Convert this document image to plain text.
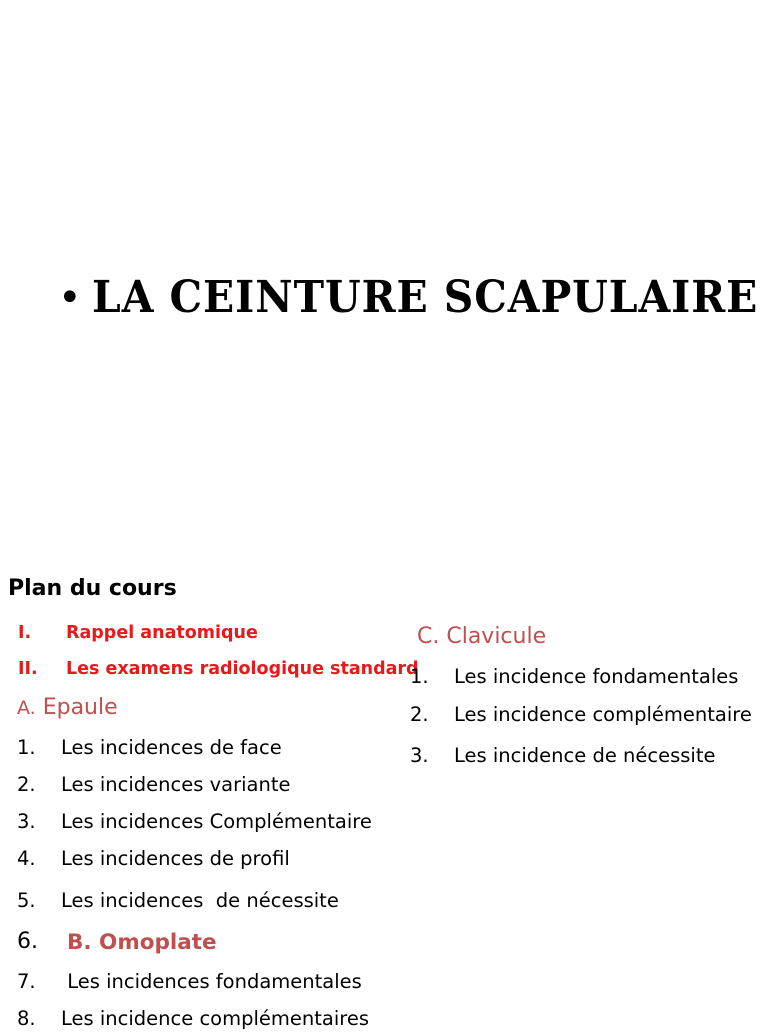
• LA CEINTURE SCAPULAIRE
Plan du cours
I. Rappel anatomique
II. Les examens radiologique standard
A. Epaule
1. Les incidences de face
2. Les incidences variante
3. Les incidences Complémentaire
4. Les incidences de profil
5. Les incidences  de nécessite
6. B. Omoplate
7. Les incidences fondamentales
8. Les incidence complémentaires
C. Clavicule
1. Les incidence fondamentales
2. Les incidence complémentaire
3. Les incidence de nécessite
